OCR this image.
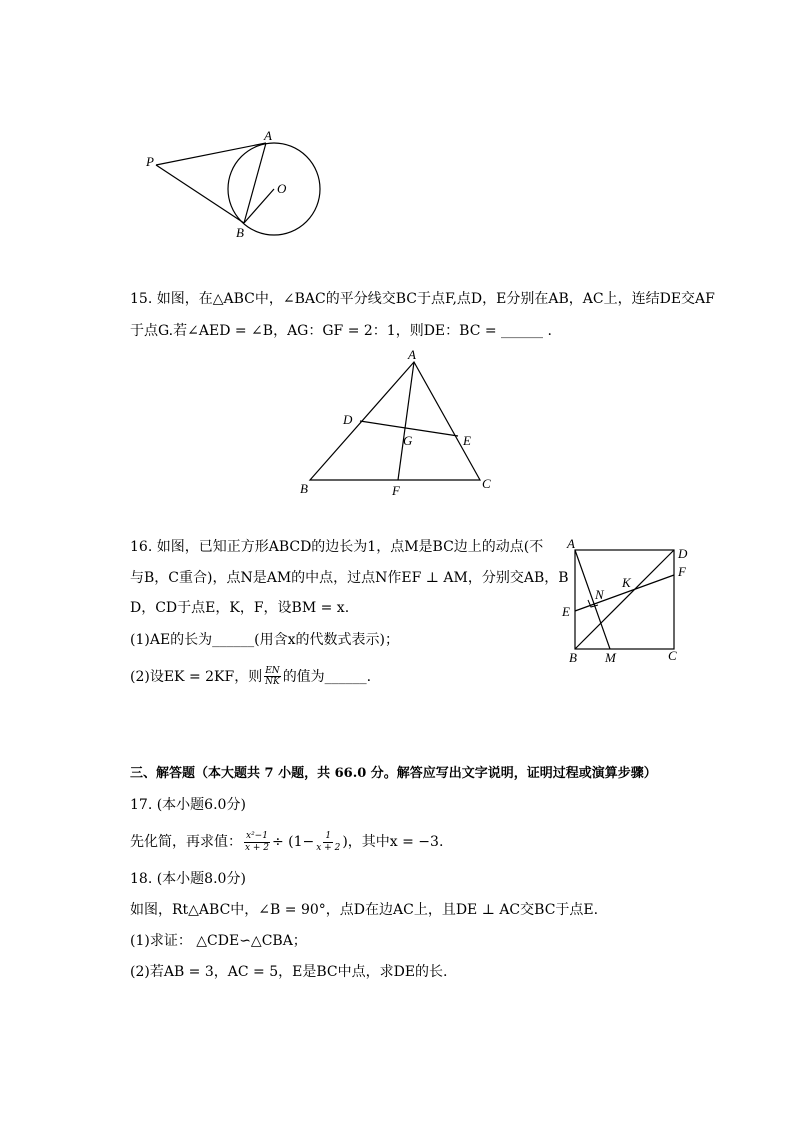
P
A
O
B
15. 如图，在△ABC中，∠BAC的平分线交BC于点F,点D，E分别在AB，AC上，连结DE交AF
于点G.若∠AED = ∠B，AG：GF = 2：1，则DE：BC = ______ .
A
D
G	E
B	F	C
16. 如图，已知正方形ABCD的边长为1，点M是BC边上的动点(不
与B，C重合)，点N是AM的中点，过点N作EF ⊥ AM，分别交AB，B
D，CD于点E，K，F，设BM = x.
(1)AE的长为______(用含x的代数式表示)；
(2)设EK = 2KF，则 $\frac{EN}{NK}$ 的值为______.
A
D
F
K
N
E
B M	C
三、解答题（本大题共 7 小题，共 66.0 分。解答应写出文字说明，证明过程或演算步骤）
17. (本小题6.0分)
先化简，再求值： $\frac{\text{x²−1}}{x + 2} \div (1- \frac{1}{x + 2}$ )，其中x = −3.
18. (本小题8.0分)
如图，Rt△ABC中，∠B = 90°，点D在边AC上，且DE ⊥ AC交BC于点E.
(1)求证： △CDE∽△CBA；
(2)若AB = 3，AC = 5，E是BC中点，求DE的长.
